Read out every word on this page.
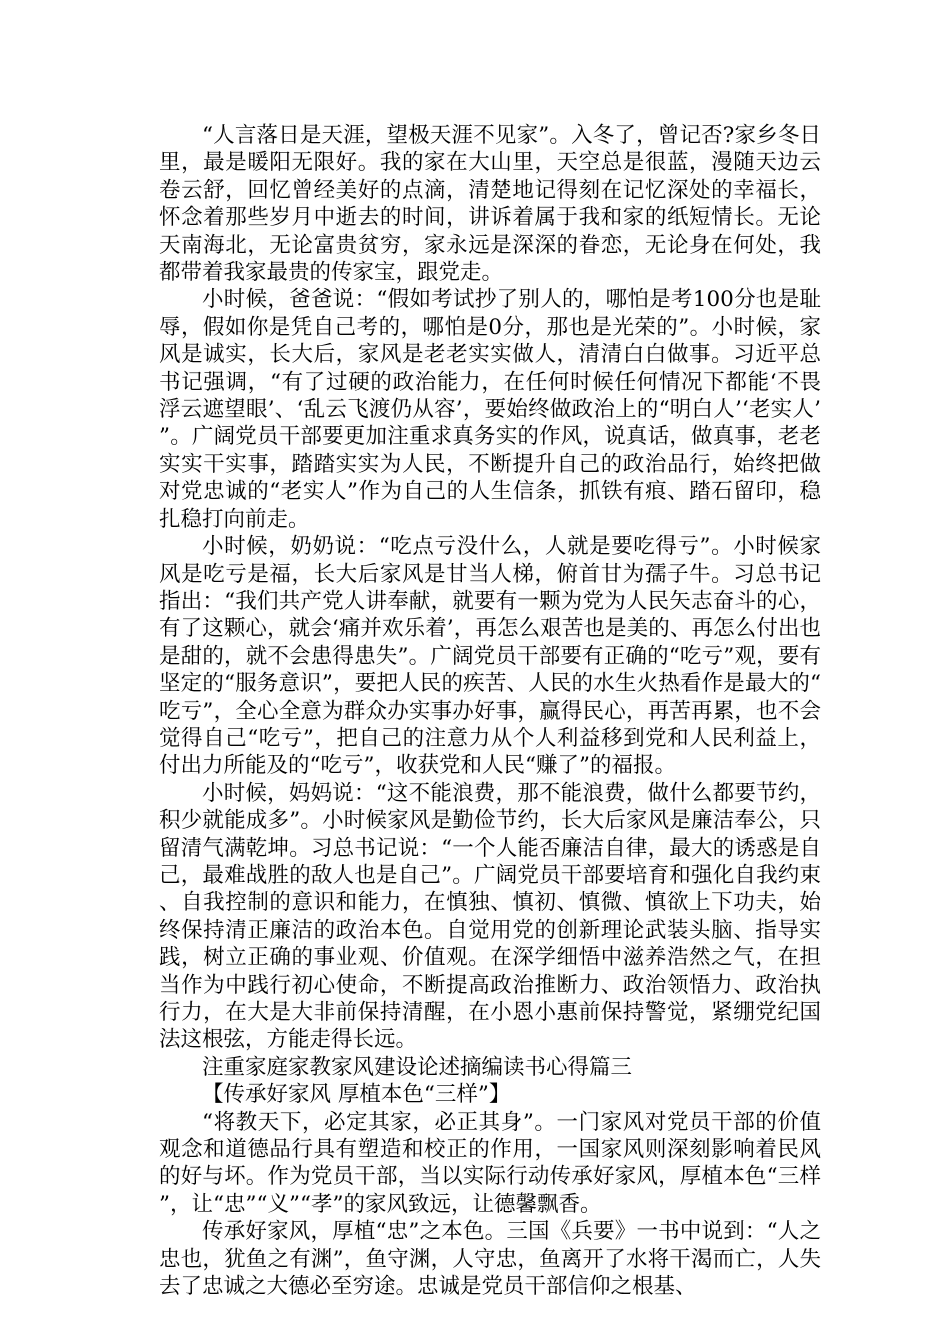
“人言落日是天涯，望极天涯不见家”。入冬了，曾记否?家乡冬日里，最是暖阳无限好。我的家在大山里，天空总是很蓝，漫随天边云卷云舒，回忆曾经美好的点滴，清楚地记得刻在记忆深处的幸福长，怀念着那些岁月中逝去的时间，讲诉着属于我和家的纸短情长。无论天南海北，无论富贵贫穷，家永远是深深的眷恋，无论身在何处，我都带着我家最贵的传家宝，跟党走。

小时候，爸爸说：“假如考试抄了别人的，哪怕是考100分也是耻辱，假如你是凭自己考的，哪怕是0分，那也是光荣的”。小时候，家风是诚实，长大后，家风是老老实实做人，清清白白做事。习近平总书记强调，“有了过硬的政治能力，在任何时候任何情况下都能‘不畏浮云遮望眼’、‘乱云飞渡仍从容’，要始终做政治上的“明白人’‘老实人’”。广阔党员干部要更加注重求真务实的作风，说真话，做真事，老老实实干实事，踏踏实实为人民，不断提升自己的政治品行，始终把做对党忠诚的“老实人”作为自己的人生信条，抓铁有痕、踏石留印，稳扎稳打向前走。

小时候，奶奶说：“吃点亏没什么，人就是要吃得亏”。小时候家风是吃亏是福，长大后家风是甘当人梯，俯首甘为孺子牛。习总书记指出：“我们共产党人讲奉献，就要有一颗为党为人民矢志奋斗的心，有了这颗心，就会‘痛并欢乐着’，再怎么艰苦也是美的、再怎么付出也是甜的，就不会患得患失”。广阔党员干部要有正确的“吃亏”观，要有坚定的“服务意识”，要把人民的疾苦、人民的水生火热看作是最大的“吃亏”，全心全意为群众办实事办好事，赢得民心，再苦再累，也不会觉得自己“吃亏”，把自己的注意力从个人利益移到党和人民利益上，付出力所能及的“吃亏”，收获党和人民“赚了”的福报。

小时候，妈妈说：“这不能浪费，那不能浪费，做什么都要节约，积少就能成多”。小时候家风是勤俭节约，长大后家风是廉洁奉公，只留清气满乾坤。习总书记说：“一个人能否廉洁自律，最大的诱惑是自己，最难战胜的敌人也是自己”。广阔党员干部要培育和强化自我约束、自我控制的意识和能力，在慎独、慎初、慎微、慎欲上下功夫，始终保持清正廉洁的政治本色。自觉用党的创新理论武装头脑、指导实践，树立正确的事业观、价值观。在深学细悟中滋养浩然之气，在担当作为中践行初心使命，不断提高政治推断力、政治领悟力、政治执行力，在大是大非前保持清醒，在小恩小惠前保持警觉，紧绷党纪国法这根弦，方能走得长远。

注重家庭家教家风建设论述摘编读书心得篇三

【传承好家风 厚植本色“三样”】

“将教天下，必定其家，必正其身”。一门家风对党员干部的价值观念和道德品行具有塑造和校正的作用，一国家风则深刻影响着民风的好与坏。作为党员干部，当以实际行动传承好家风，厚植本色“三样”，让“忠”“义”“孝”的家风致远，让德馨飘香。

传承好家风，厚植“忠”之本色。三国《兵要》一书中说到：“人之忠也，犹鱼之有渊”，鱼守渊，人守忠，鱼离开了水将干渴而亡，人失去了忠诚之大德必至穷途。忠诚是党员干部信仰之根基、
